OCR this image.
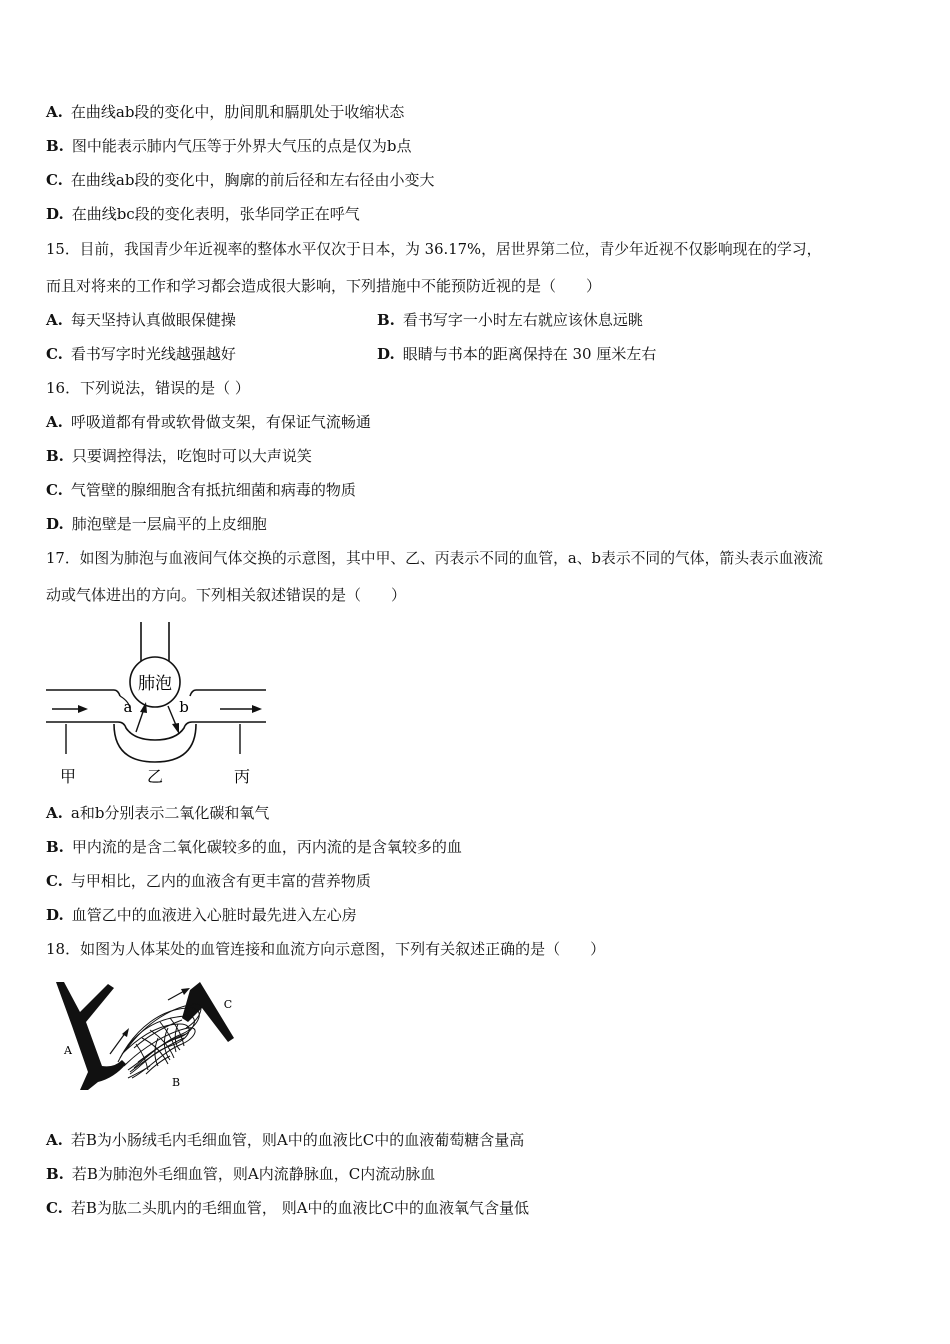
A. 在曲线ab段的变化中，肋间肌和膈肌处于收缩状态
B. 图中能表示肺内气压等于外界大气压的点是仅为b点
C. 在曲线ab段的变化中，胸廓的前后径和左右径由小变大
D. 在曲线bc段的变化表明，张华同学正在呼气
15．目前，我国青少年近视率的整体水平仅次于日本，为 36.17%，居世界第二位，青少年近视不仅影响现在的学习，
而且对将来的工作和学习都会造成很大影响，下列措施中不能预防近视的是（　　）
A. 每天坚持认真做眼保健操	B. 看书写字一小时左右就应该休息远眺
C. 看书写字时光线越强越好	D. 眼睛与书本的距离保持在 30 厘米左右
16．下列说法，错误的是（ ）
A. 呼吸道都有骨或软骨做支架，有保证气流畅通
B. 只要调控得法，吃饱时可以大声说笑
C. 气管壁的腺细胞含有抵抗细菌和病毒的物质
D. 肺泡壁是一层扁平的上皮细胞
17．如图为肺泡与血液间气体交换的示意图，其中甲、乙、丙表示不同的血管，a、b表示不同的气体，箭头表示血液流
动或气体进出的方向。下列相关叙述错误的是（　　）
肺泡
a	b
甲	乙	丙
A. a和b分别表示二氧化碳和氧气
B. 甲内流的是含二氧化碳较多的血，丙内流的是含氧较多的血
C. 与甲相比，乙内的血液含有更丰富的营养物质
D. 血管乙中的血液进入心脏时最先进入左心房
18．如图为人体某处的血管连接和血流方向示意图，下列有关叙述正确的是（　　）
A
B
C
A. 若B为小肠绒毛内毛细血管，则A中的血液比C中的血液葡萄糖含量高
B. 若B为肺泡外毛细血管，则A内流静脉血，C内流动脉血
C. 若B为肱二头肌内的毛细血管， 则A中的血液比C中的血液氧气含量低
